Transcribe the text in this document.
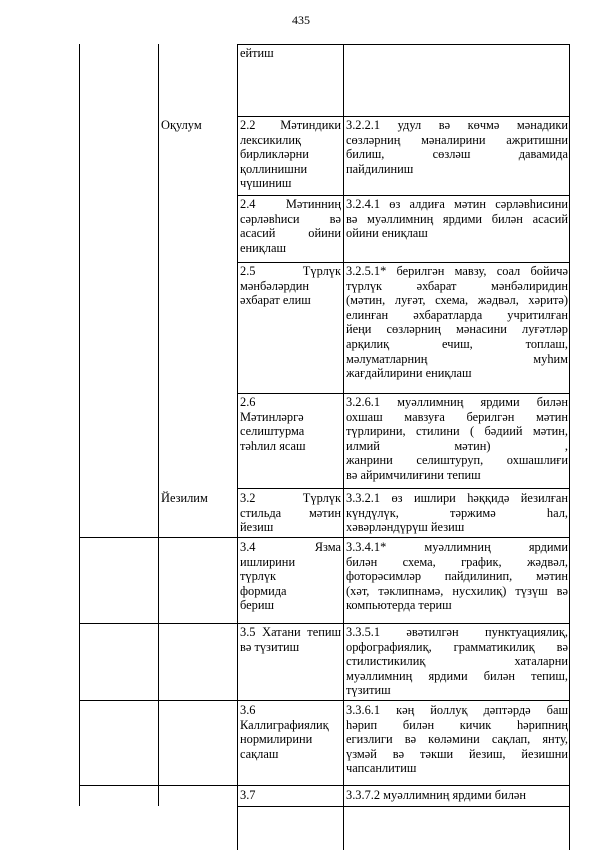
435
Оқулум
Йезилим
ейтиш
2.2 Мәтиндики
лексикилиқ
бирликләрни
қоллинишни
чүшиниш
3.2.2.1 удул вә көчмә мәнадики
сөзләрниң мәналирини ажритишни
билиш, сөзләш давамида
пайдилиниш
2.4 Мәтинниң
сәрләвһиси вә
асасий ойини
ениқлаш
3.2.4.1 өз алдиға мәтин сәрләвһисини
вә муәллимниң ярдими билән асасий
ойини ениқлаш
2.5 Түрлүк
мәнбәләрдин
әхбарат елиш
3.2.5.1* берилгән мавзу, соал бойичә
түрлүк әхбарат мәнбәлиридин
(мәтин, луғәт, схема, жәдвәл, хәритә)
елинған әхбаратларда учритилған
йеңи сөзләрниң мәнасини луғәтләр
арқилиқ ечиш, топлаш,
мәлуматларниң муһим
жағдайлирини ениқлаш
2.6
Мәтинләргә
селиштурма
тәһлил ясаш
3.2.6.1 муәллимниң ярдими билән
охшаш мавзуға берилгән мәтин
түрлирини, стилини ( бәдиий мәтин,
илмий мәтин) ,
жанрини селиштуруп, охшашлиғи
вә айримчилиғини тепиш
3.2 Түрлүк
стильда мәтин
йезиш
3.3.2.1 өз ишлири һәққидә йезилған
күндүлүк, тәржимә һал,
хәвәрләндүрүш йезиш
3.4 Язма
ишлирини
түрлүк
формида
бериш
3.3.4.1* муәллимниң ярдими
билән схема, график, жәдвәл,
фоторәсимләр пайдилинип, мәтин
(хәт, тәклипнамә, нусхилиқ) түзүш вә
компьютерда териш
3.5 Хатани тепиш
вә түзитиш
3.3.5.1 әвәтилгән пунктуациялиқ,
орфографиялиқ, грамматикилиқ вә
стилистикилиқ хаталарни
муәллимниң ярдими билән тепиш,
түзитиш
3.6
Каллиграфиялиқ
нормилирини
сақлаш
3.3.6.1 кәң йоллуқ дәптәрдә баш
һәрип билән кичик һәрипниң
егизлиги вә көләмини сақлап, янту,
үзмәй вә тәкши йезиш, йезишни
чапсанлитиш
3.7	3.3.7.2 муәллимниң ярдими билән
